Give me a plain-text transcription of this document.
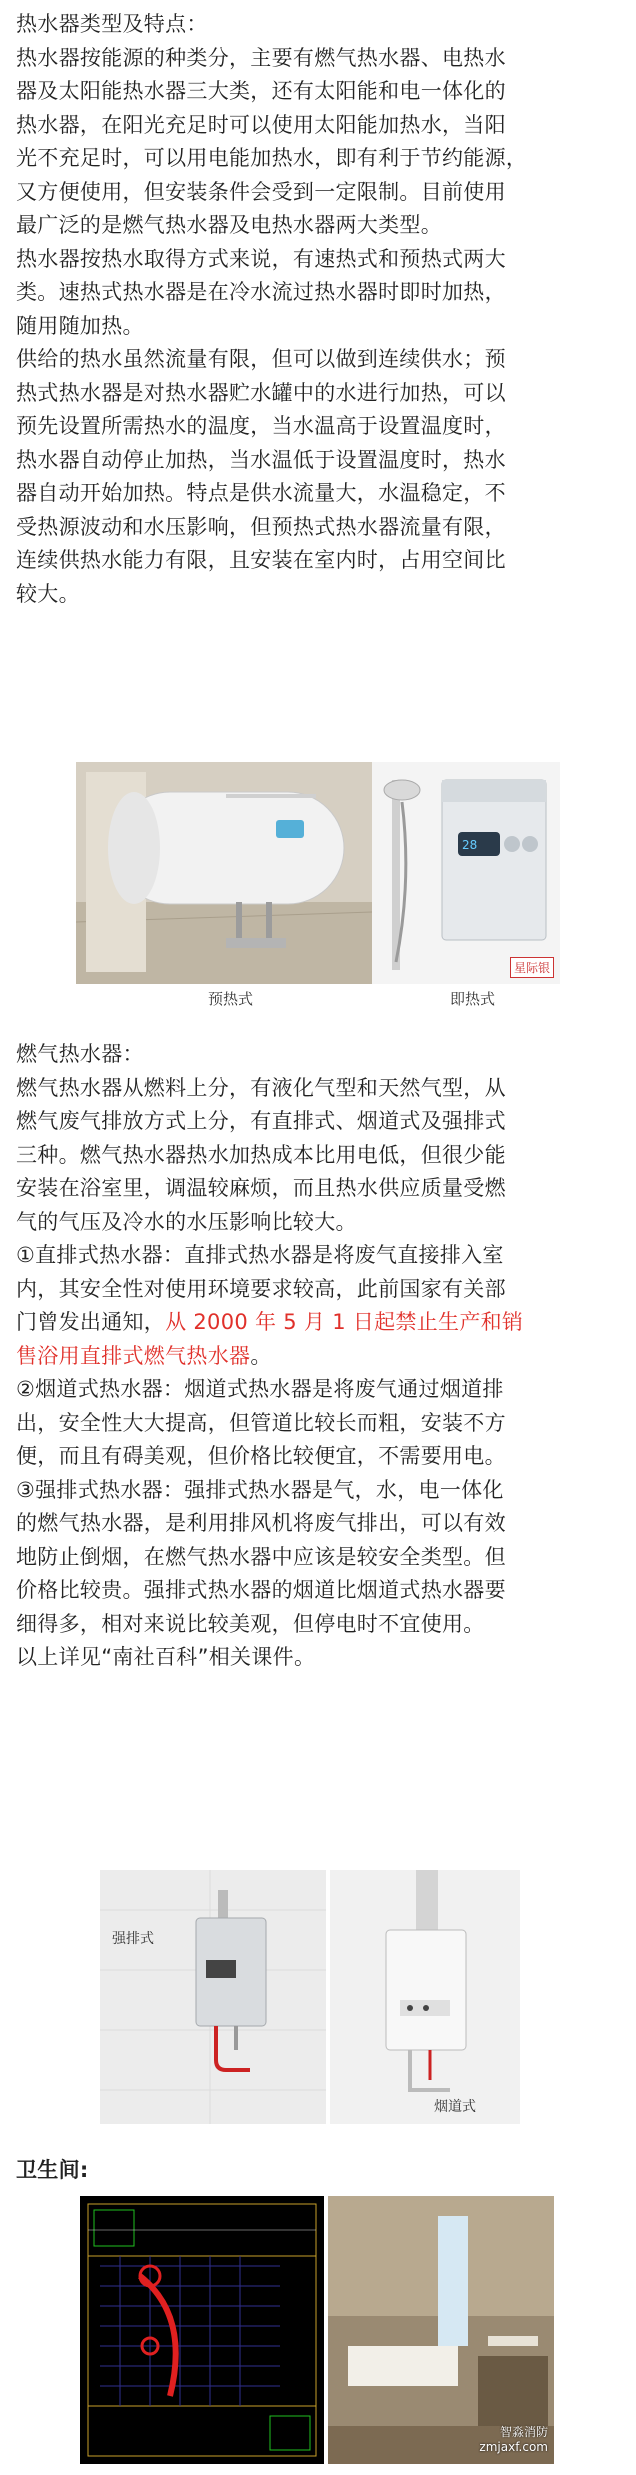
热水器类型及特点：

热水器按能源的种类分，主要有燃气热水器、电热水

器及太阳能热水器三大类，还有太阳能和电一体化的

热水器，在阳光充足时可以使用太阳能加热水，当阳

光不充足时，可以用电能加热水，即有利于节约能源，

又方便使用，但安装条件会受到一定限制。目前使用

最广泛的是燃气热水器及电热水器两大类型。

热水器按热水取得方式来说，有速热式和预热式两大

类。速热式热水器是在冷水流过热水器时即时加热，

随用随加热。

供给的热水虽然流量有限，但可以做到连续供水；预

热式热水器是对热水器贮水罐中的水进行加热，可以

预先设置所需热水的温度，当水温高于设置温度时，

热水器自动停止加热，当水温低于设置温度时，热水

器自动开始加热。特点是供水流量大，水温稳定，不

受热源波动和水压影响，但预热式热水器流量有限，

连续供热水能力有限，且安装在室内时，占用空间比

较大。

28
星际银
预热式	即热式

燃气热水器：

燃气热水器从燃料上分，有液化气型和天然气型，从

燃气废气排放方式上分，有直排式、烟道式及强排式

三种。燃气热水器热水加热成本比用电低，但很少能

安装在浴室里，调温较麻烦，而且热水供应质量受燃

气的气压及冷水的水压影响比较大。

①直排式热水器：直排式热水器是将废气直接排入室

内，其安全性对使用环境要求较高，此前国家有关部

门曾发出通知，从 2000 年 5 月 1 日起禁止生产和销

售浴用直排式燃气热水器。

②烟道式热水器：烟道式热水器是将废气通过烟道排

出，安全性大大提高，但管道比较长而粗，安装不方

便，而且有碍美观，但价格比较便宜，不需要用电。

③强排式热水器：强排式热水器是气，水，电一体化

的燃气热水器，是利用排风机将废气排出，可以有效

地防止倒烟，在燃气热水器中应该是较安全类型。但

价格比较贵。强排式热水器的烟道比烟道式热水器要

细得多，相对来说比较美观，但停电时不宜使用。

以上详见“南社百科”相关课件。

强排式
烟道式

卫生间:

智淼消防
zmjaxf.com
